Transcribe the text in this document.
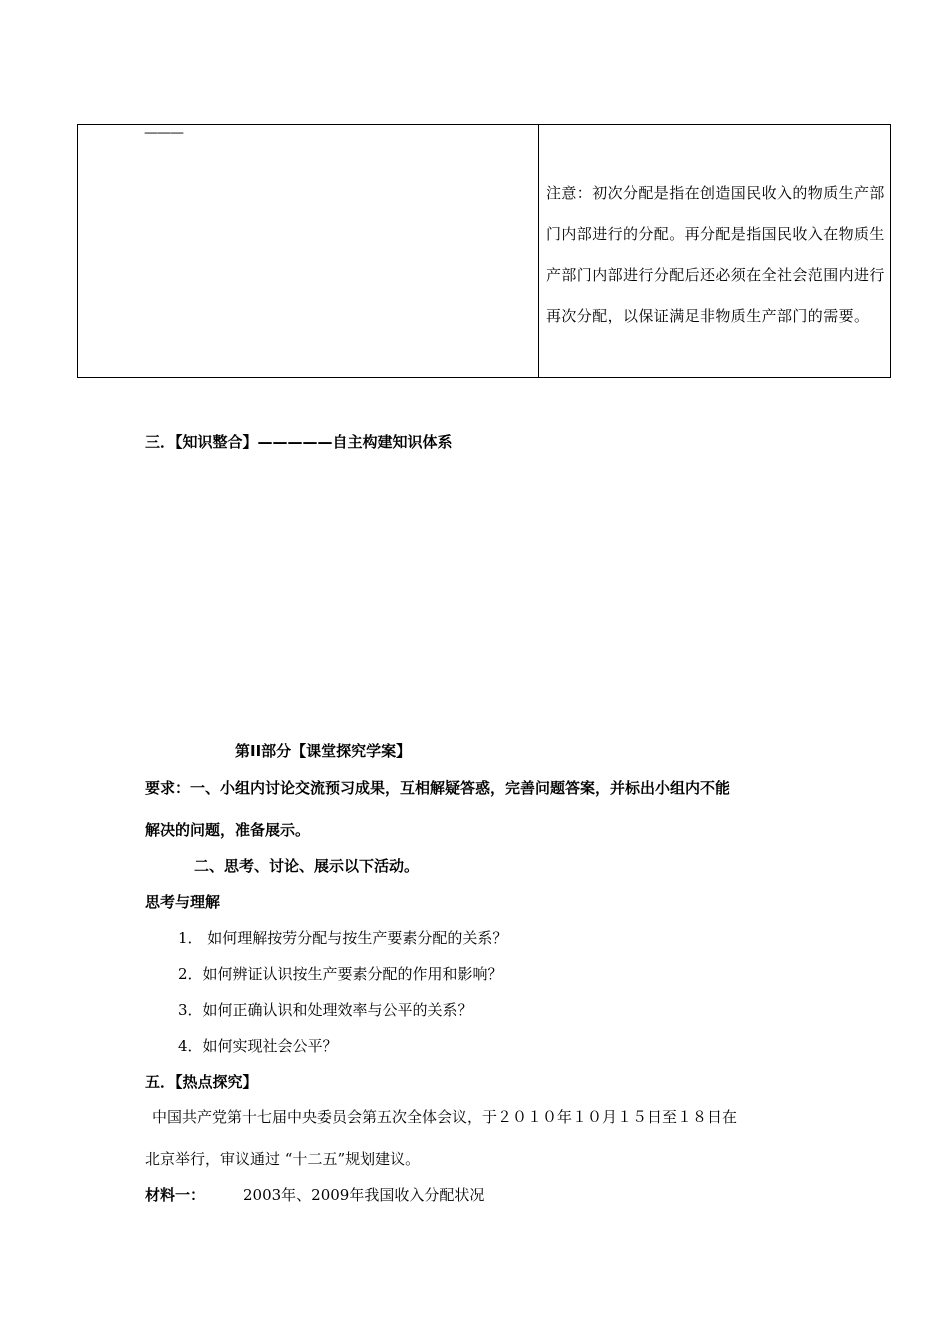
———
注意：初次分配是指在创造国民收入的物质生产部门内部进行的分配。再分配是指国民收入在物质生产部门内部进行分配后还必须在全社会范围内进行再次分配，以保证满足非物质生产部门的需要。
三．【知识整合】—————自主构建知识体系
第II部分【课堂探究学案】
要求：一、小组内讨论交流预习成果，互相解疑答惑，完善问题答案，并标出小组内不能
解决的问题，准备展示。
二、思考、讨论、展示以下活动。
思考与理解
1． 如何理解按劳分配与按生产要素分配的关系？
2．如何辨证认识按生产要素分配的作用和影响？
3．如何正确认识和处理效率与公平的关系？
4．如何实现社会公平？
五．【热点探究】
中国共产党第十七届中央委员会第五次全体会议，于２０１０年１０月１５日至１８日在
北京举行，审议通过 “十二五”规划建议。
材料一：	2003年、2009年我国收入分配状况
